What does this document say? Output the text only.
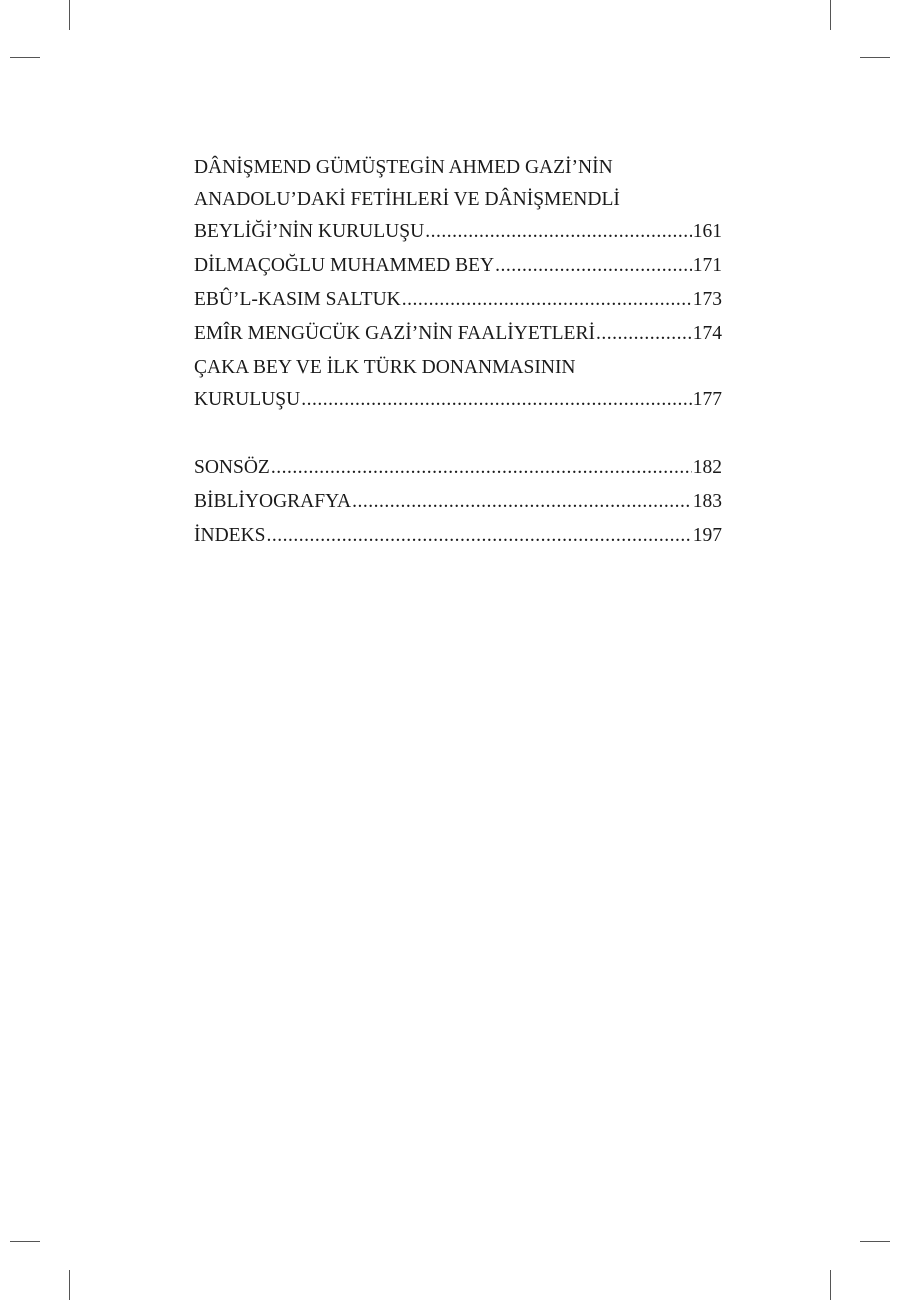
DÂNİŞMEND GÜMÜŞTEGİN AHMED GAZİ’NİN
ANADOLU’DAKİ FETİHLERİ VE DÂNİŞMENDLİ
BEYLİĞİ’NİN KURULUŞU .....	161
DİLMAÇOĞLU MUHAMMED BEY .....	171
EBÛ’L-KASIM SALTUK .....	173
EMÎR MENGÜCÜK GAZİ’NİN FAALİYETLERİ .....	174
ÇAKA BEY VE İLK TÜRK DONANMASININ
KURULUŞU .....	177
SONSÖZ .....	182
BİBLİYOGRAFYA .....	183
İNDEKS .....	197
